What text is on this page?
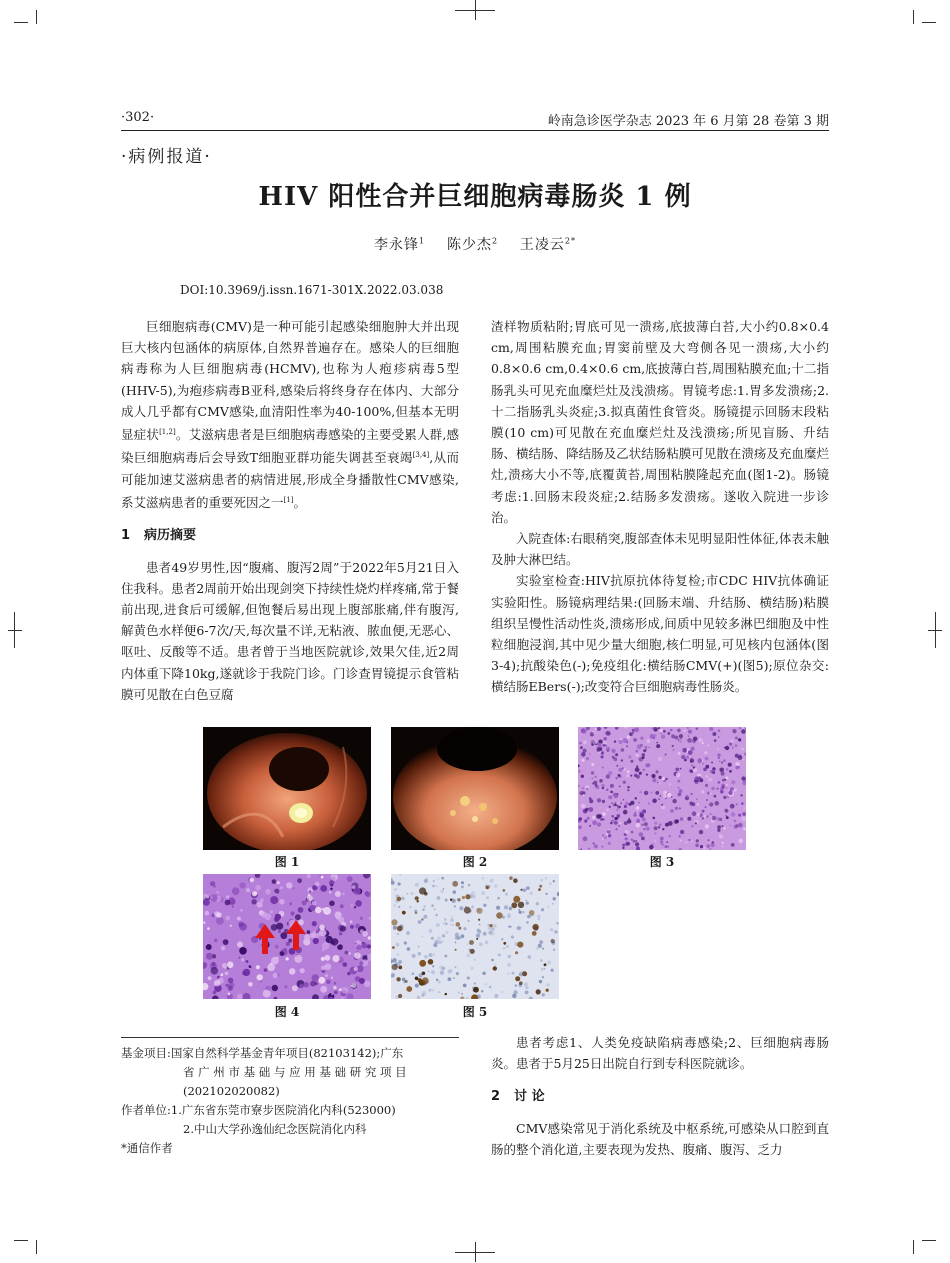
·302·	岭南急诊医学杂志 2023 年 6 月第 28 卷第 3 期
·病例报道·
HIV 阳性合并巨细胞病毒肠炎 1 例
李永锋$^1$ 陈少杰$^2$ 王凌云$^{2*}$
DOI:10.3969/j.issn.1671-301X.2022.03.038

巨细胞病毒(CMV)是一种可能引起感染细胞肿大并出现巨大核内包涵体的病原体,自然界普遍存在。感染人的巨细胞病毒称为人巨细胞病毒(HCMV),也称为人疱疹病毒5型(HHV-5),为疱疹病毒B亚科,感染后将终身存在体内、大部分成人几乎都有CMV感染,血清阳性率为40-100%,但基本无明显症状[1,2]。艾滋病患者是巨细胞病毒感染的主要受累人群,感染巨细胞病毒后会导致T细胞亚群功能失调甚至衰竭[3,4],从而可能加速艾滋病患者的病情进展,形成全身播散性CMV感染,系艾滋病患者的重要死因之一[1]。

1 病历摘要

患者49岁男性,因“腹痛、腹泻2周”于2022年5月21日入住我科。患者2周前开始出现剑突下持续性烧灼样疼痛,常于餐前出现,进食后可缓解,但饱餐后易出现上腹部胀痛,伴有腹泻,解黄色水样便6-7次/天,每次量不详,无粘液、脓血便,无恶心、呕吐、反酸等不适。患者曾于当地医院就诊,效果欠佳,近2周内体重下降10kg,遂就诊于我院门诊。门诊查胃镜提示食管粘膜可见散在白色豆腐

渣样物质粘附;胃底可见一溃疡,底披薄白苔,大小约0.8×0.4 cm,周围粘膜充血;胃窦前壁及大弯侧各见一溃疡,大小约0.8×0.6 cm,0.4×0.6 cm,底披薄白苔,周围粘膜充血;十二指肠乳头可见充血糜烂灶及浅溃疡。胃镜考虑:1.胃多发溃疡;2.十二指肠乳头炎症;3.拟真菌性食管炎。肠镜提示回肠末段粘膜(10 cm)可见散在充血糜烂灶及浅溃疡;所见盲肠、升结肠、横结肠、降结肠及乙状结肠粘膜可见散在溃疡及充血糜烂灶,溃疡大小不等,底覆黄苔,周围粘膜隆起充血(图1-2)。肠镜考虑:1.回肠末段炎症;2.结肠多发溃疡。遂收入院进一步诊治。

入院查体:右眼稍突,腹部查体未见明显阳性体征,体表未触及肿大淋巴结。

实验室检查:HIV抗原抗体待复检;市CDC HIV抗体确证实验阳性。肠镜病理结果:(回肠末端、升结肠、横结肠)粘膜组织呈慢性活动性炎,溃疡形成,间质中见较多淋巴细胞及中性粒细胞浸润,其中见少量大细胞,核仁明显,可见核内包涵体(图3-4);抗酸染色(-);免疫组化:横结肠CMV(+)(图5);原位杂交:横结肠EBers(-);改变符合巨细胞病毒性肠炎。

图 1	图 2	图 3
图 4	图 5

基金项目:国家自然科学基金青年项目(82103142);广东

省 广 州 市 基 础 与 应 用 基 础 研 究 项 目

(202102020082)

作者单位:1.广东省东莞市寮步医院消化内科(523000)

2.中山大学孙逸仙纪念医院消化内科

*通信作者

患者考虑1、人类免疫缺陷病毒感染;2、巨细胞病毒肠炎。患者于5月25日出院自行到专科医院就诊。

2 讨 论

CMV感染常见于消化系统及中枢系统,可感染从口腔到直肠的整个消化道,主要表现为发热、腹痛、腹泻、乏力
